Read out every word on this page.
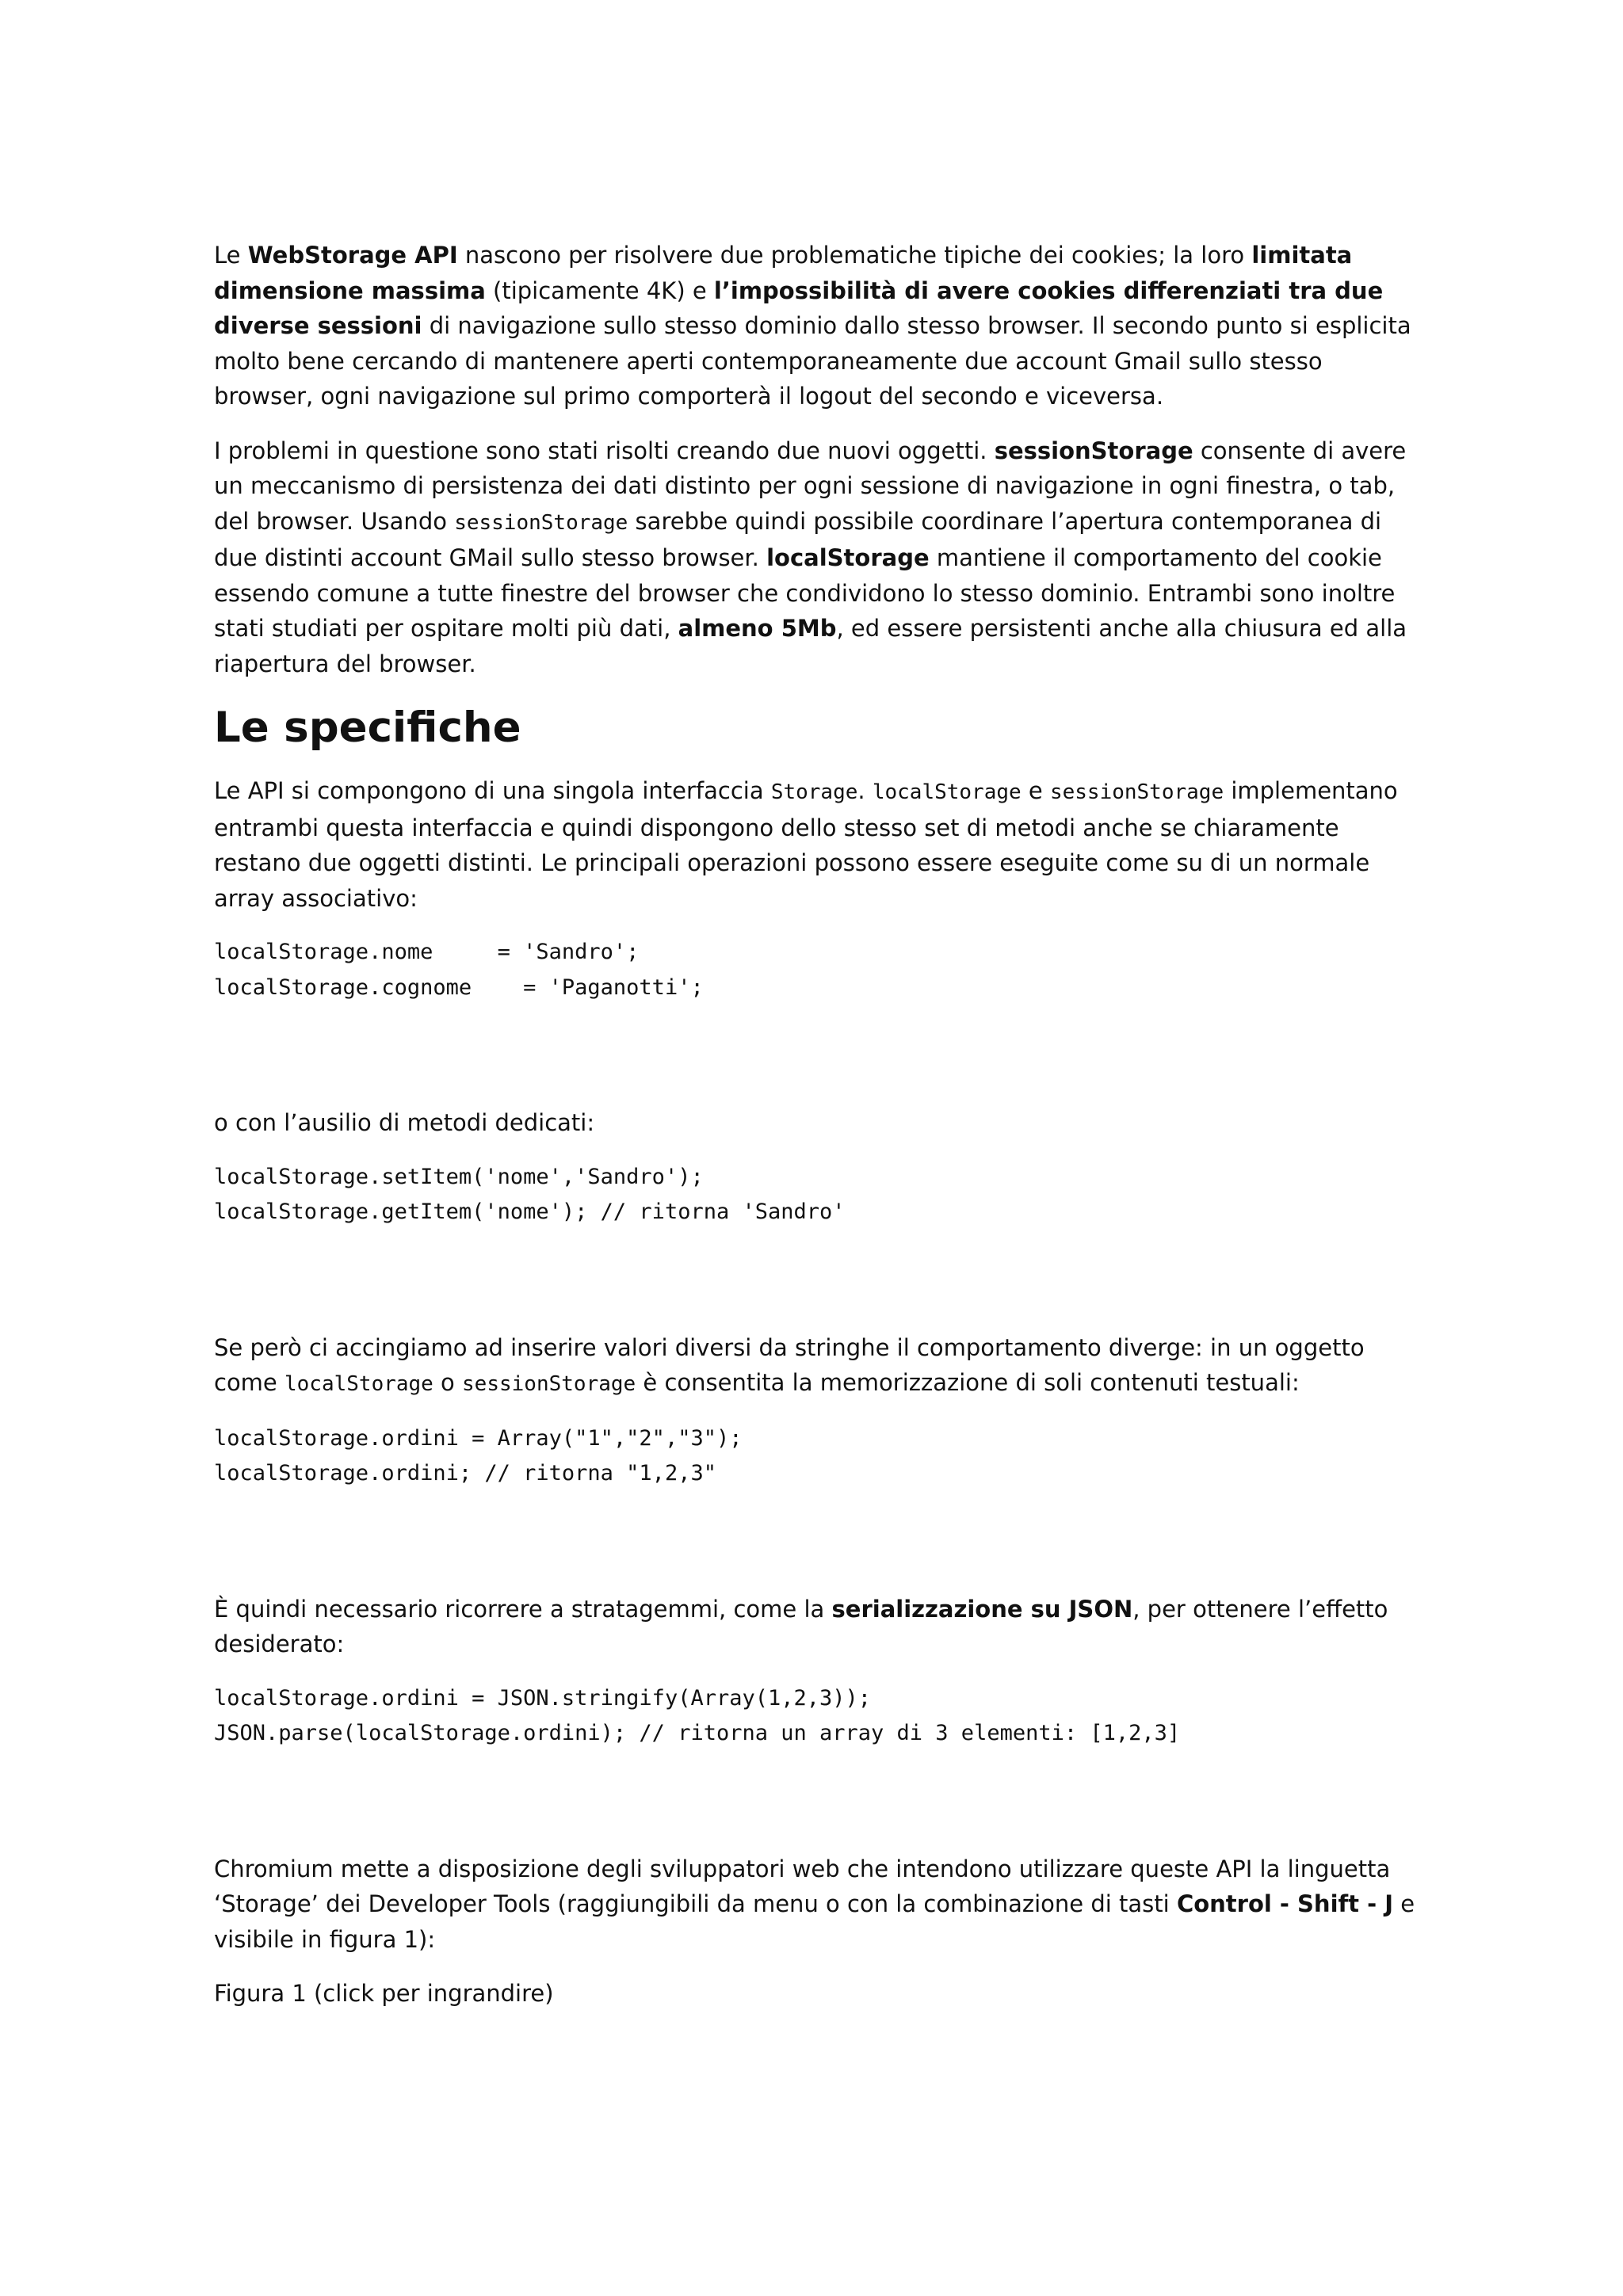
Le WebStorage API nascono per risolvere due problematiche tipiche dei cookies; la loro limitata dimensione massima (tipicamente 4K) e l’impossibilità di avere cookies differenziati tra due diverse sessioni di navigazione sullo stesso dominio dallo stesso browser. Il secondo punto si esplicita molto bene cercando di mantenere aperti contemporaneamente due account Gmail sullo stesso browser, ogni navigazione sul primo comporterà il logout del secondo e viceversa.

I problemi in questione sono stati risolti creando due nuovi oggetti. sessionStorage consente di avere un meccanismo di persistenza dei dati distinto per ogni sessione di navigazione in ogni finestra, o tab, del browser. Usando sessionStorage sarebbe quindi possibile coordinare l’apertura contemporanea di due distinti account GMail sullo stesso browser. localStorage mantiene il comportamento del cookie essendo comune a tutte finestre del browser che condividono lo stesso dominio. Entrambi sono inoltre stati studiati per ospitare molti più dati, almeno 5Mb, ed essere persistenti anche alla chiusura ed alla riapertura del browser.

Le specifiche

Le API si compongono di una singola interfaccia Storage. localStorage e sessionStorage implementano entrambi questa interfaccia e quindi dispongono dello stesso set di metodi anche se chiaramente restano due oggetti distinti. Le principali operazioni possono essere eseguite come su di un normale array associativo:

localStorage.nome     = 'Sandro';
localStorage.cognome    = 'Paganotti';

o con l’ausilio di metodi dedicati:

localStorage.setItem('nome','Sandro');
localStorage.getItem('nome'); // ritorna 'Sandro'

Se però ci accingiamo ad inserire valori diversi da stringhe il comportamento diverge: in un oggetto come localStorage o sessionStorage è consentita la memorizzazione di soli contenuti testuali:

localStorage.ordini = Array("1","2","3");
localStorage.ordini; // ritorna "1,2,3"

È quindi necessario ricorrere a stratagemmi, come la serializzazione su JSON, per ottenere l’effetto desiderato:

localStorage.ordini = JSON.stringify(Array(1,2,3));
JSON.parse(localStorage.ordini); // ritorna un array di 3 elementi: [1,2,3]

Chromium mette a disposizione degli sviluppatori web che intendono utilizzare queste API la linguetta ‘Storage’ dei Developer Tools (raggiungibili da menu o con la combinazione di tasti Control - Shift - J e visibile in figura 1):

Figura 1 (click per ingrandire)
